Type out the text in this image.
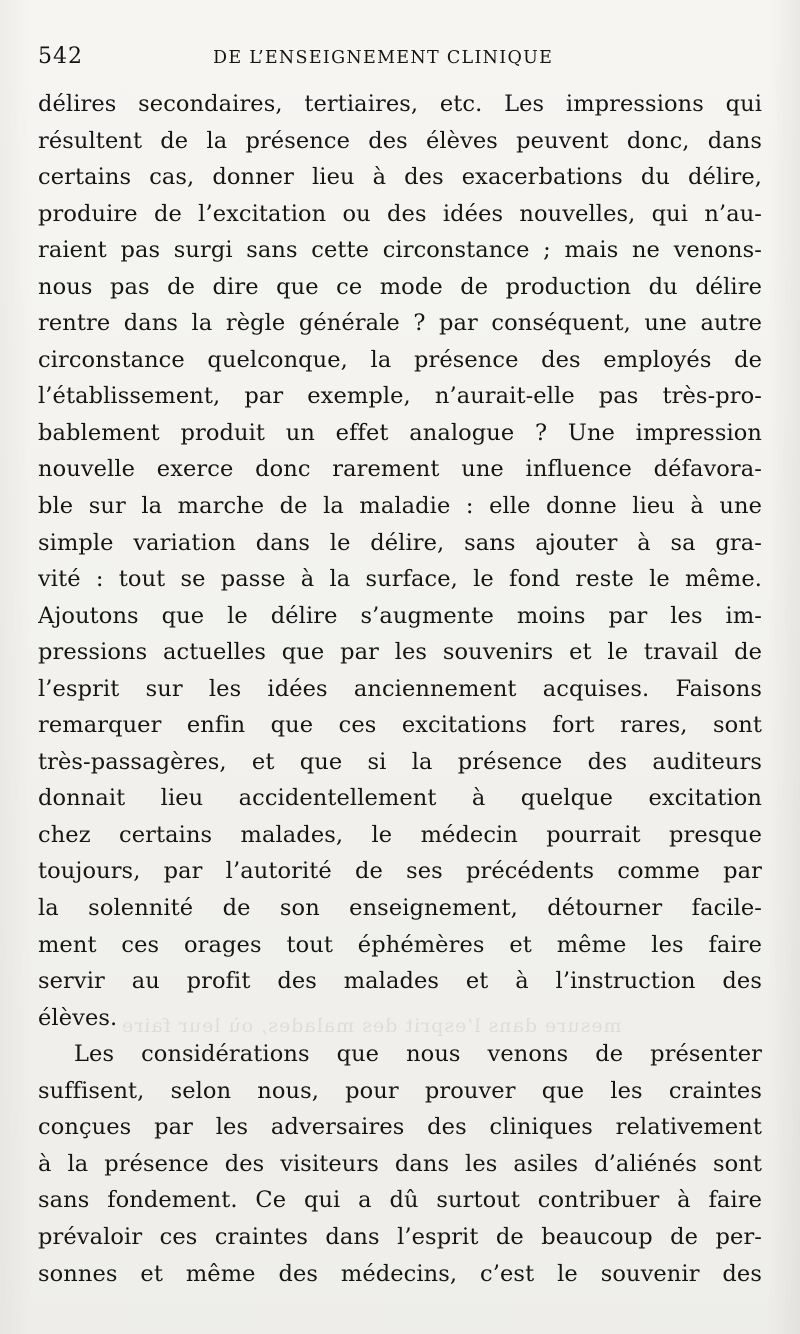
542	DE L’ENSEIGNEMENT CLINIQUE
délires secondaires, tertiaires, etc. Les impressions qui
résultent de la présence des élèves peuvent donc, dans
certains cas, donner lieu à des exacerbations du délire,
produire de l’excitation ou des idées nouvelles, qui n’au-
raient pas surgi sans cette circonstance ; mais ne venons-
nous pas de dire que ce mode de production du délire
rentre dans la règle générale ? par conséquent, une autre
circonstance quelconque, la présence des employés de
l’établissement, par exemple, n’aurait-elle pas très-pro-
bablement produit un effet analogue ? Une impression
nouvelle exerce donc rarement une influence défavora-
ble sur la marche de la maladie : elle donne lieu à une
simple variation dans le délire, sans ajouter à sa gra-
vité : tout se passe à la surface, le fond reste le même.
Ajoutons que le délire s’augmente moins par les im-
pressions actuelles que par les souvenirs et le travail de
l’esprit sur les idées anciennement acquises. Faisons
remarquer enfin que ces excitations fort rares, sont
très-passagères, et que si la présence des auditeurs
donnait lieu accidentellement à quelque excitation
chez certains malades, le médecin pourrait presque
toujours, par l’autorité de ses précédents comme par
la solennité de son enseignement, détourner facile-
ment ces orages tout éphémères et même les faire
servir au profit des malades et à l’instruction des
élèves.
Les considérations que nous venons de présenter
suffisent, selon nous, pour prouver que les craintes
conçues par les adversaires des cliniques relativement
à la présence des visiteurs dans les asiles d’aliénés sont
sans fondement. Ce qui a dû surtout contribuer à faire
prévaloir ces craintes dans l’esprit de beaucoup de per-
sonnes et même des médecins, c’est le souvenir des
mesure dans l’esprit des malades, où leur faire
